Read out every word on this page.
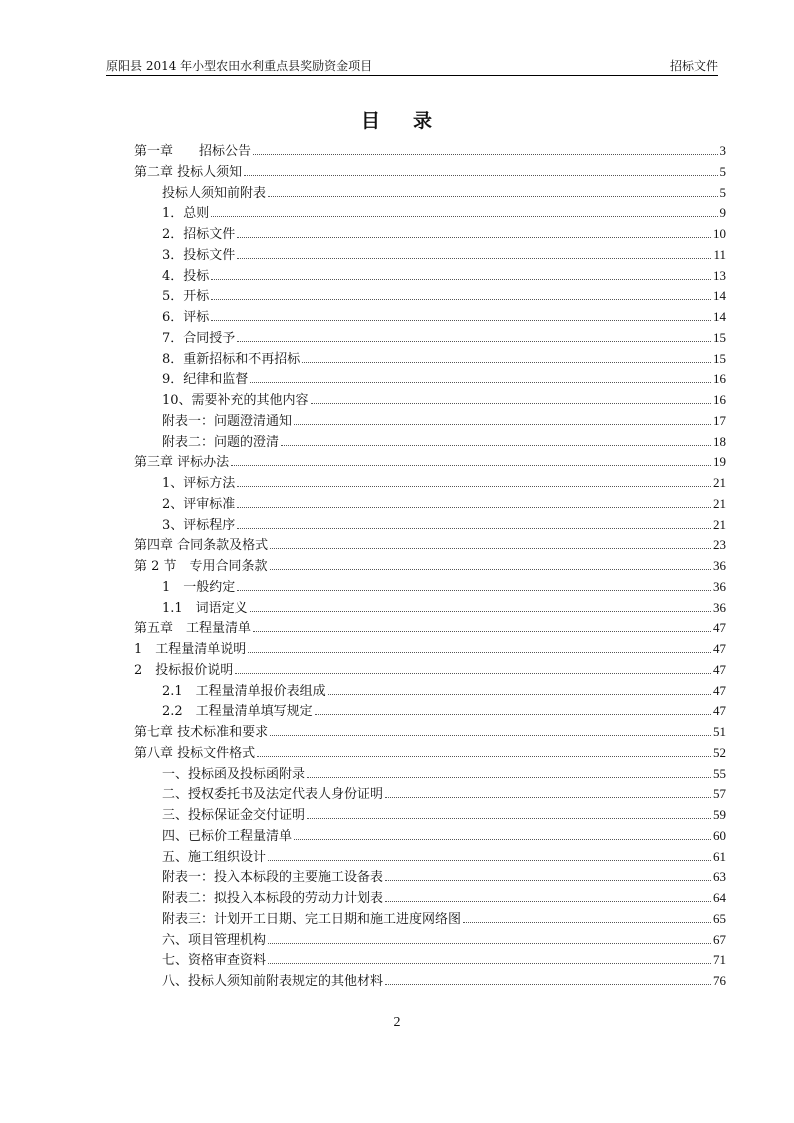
原阳县 2014 年小型农田水利重点县奖励资金项目	招标文件
目 录
第一章　　招标公告	3
第二章 投标人须知	5
投标人须知前附表	5
1．总则	9
2．招标文件	10
3．投标文件	11
4．投标	13
5．开标	14
6．评标	14
7．合同授予	15
8．重新招标和不再招标	15
9．纪律和监督	16
10、需要补充的其他内容	16
附表一：问题澄清通知	17
附表二：问题的澄清	18
第三章 评标办法	19
1、评标方法	21
2、评审标准	21
3、评标程序	21
第四章 合同条款及格式	23
第 2 节　专用合同条款	36
1　一般约定	36
1.1　词语定义	36
第五章　工程量清单	47
1　工程量清单说明	47
2　投标报价说明	47
2.1　工程量清单报价表组成	47
2.2　工程量清单填写规定	47
第七章 技术标准和要求	51
第八章 投标文件格式	52
一、投标函及投标函附录	55
二、授权委托书及法定代表人身份证明	57
三、投标保证金交付证明	59
四、已标价工程量清单	60
五、施工组织设计	61
附表一：投入本标段的主要施工设备表	63
附表二：拟投入本标段的劳动力计划表	64
附表三：计划开工日期、完工日期和施工进度网络图	65
六、项目管理机构	67
七、资格审查资料	71
八、投标人须知前附表规定的其他材料	76
2
